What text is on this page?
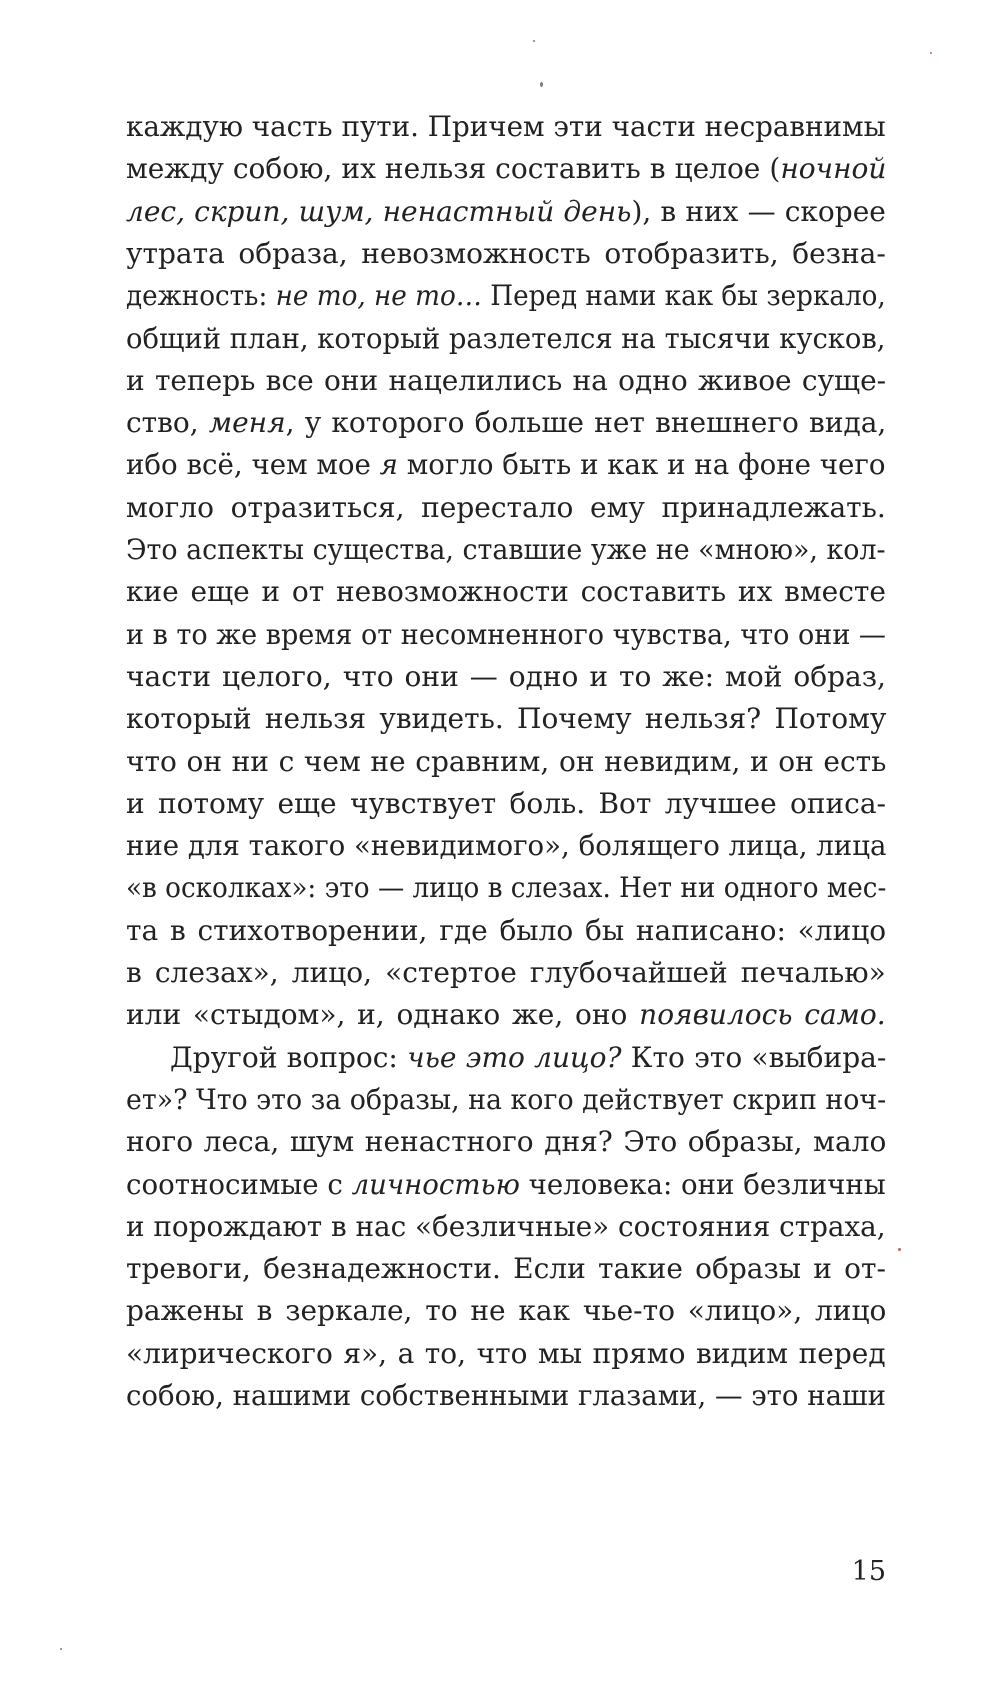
каждую часть пути. Причем эти части несравнимы
между собою, их нельзя составить в целое (ночной
лес, скрип, шум, ненастный день), в них — скорее
утрата образа, невозможность отобразить, безна-
дежность: не то, не то… Перед нами как бы зеркало,
общий план, который разлетелся на тысячи кусков,
и теперь все они нацелились на одно живое суще-
ство, меня, у которого больше нет внешнего вида,
ибо всё, чем мое я могло быть и как и на фоне чего
могло отразиться, перестало ему принадлежать.
Это аспекты существа, ставшие уже не «мною», кол-
кие еще и от невозможности составить их вместе
и в то же время от несомненного чувства, что они —
части целого, что они — одно и то же: мой образ,
который нельзя увидеть. Почему нельзя? Потому
что он ни с чем не сравним, он невидим, и он есть
и потому еще чувствует боль. Вот лучшее описа-
ние для такого «невидимого», болящего лица, лица
«в осколках»: это — лицо в слезах. Нет ни одного мес-
та в стихотворении, где было бы написано: «лицо
в слезах», лицо, «стертое глубочайшей печалью»
или «стыдом», и, однако же, оно появилось само.
Другой вопрос: чье это лицо? Кто это «выбира-
ет»? Что это за образы, на кого действует скрип ноч-
ного леса, шум ненастного дня? Это образы, мало
соотносимые с личностью человека: они безличны
и порождают в нас «безличные» состояния страха,
тревоги, безнадежности. Если такие образы и от-
ражены в зеркале, то не как чье-то «лицо», лицо
«лирического я», а то, что мы прямо видим перед
собою, нашими собственными глазами, — это наши
15
